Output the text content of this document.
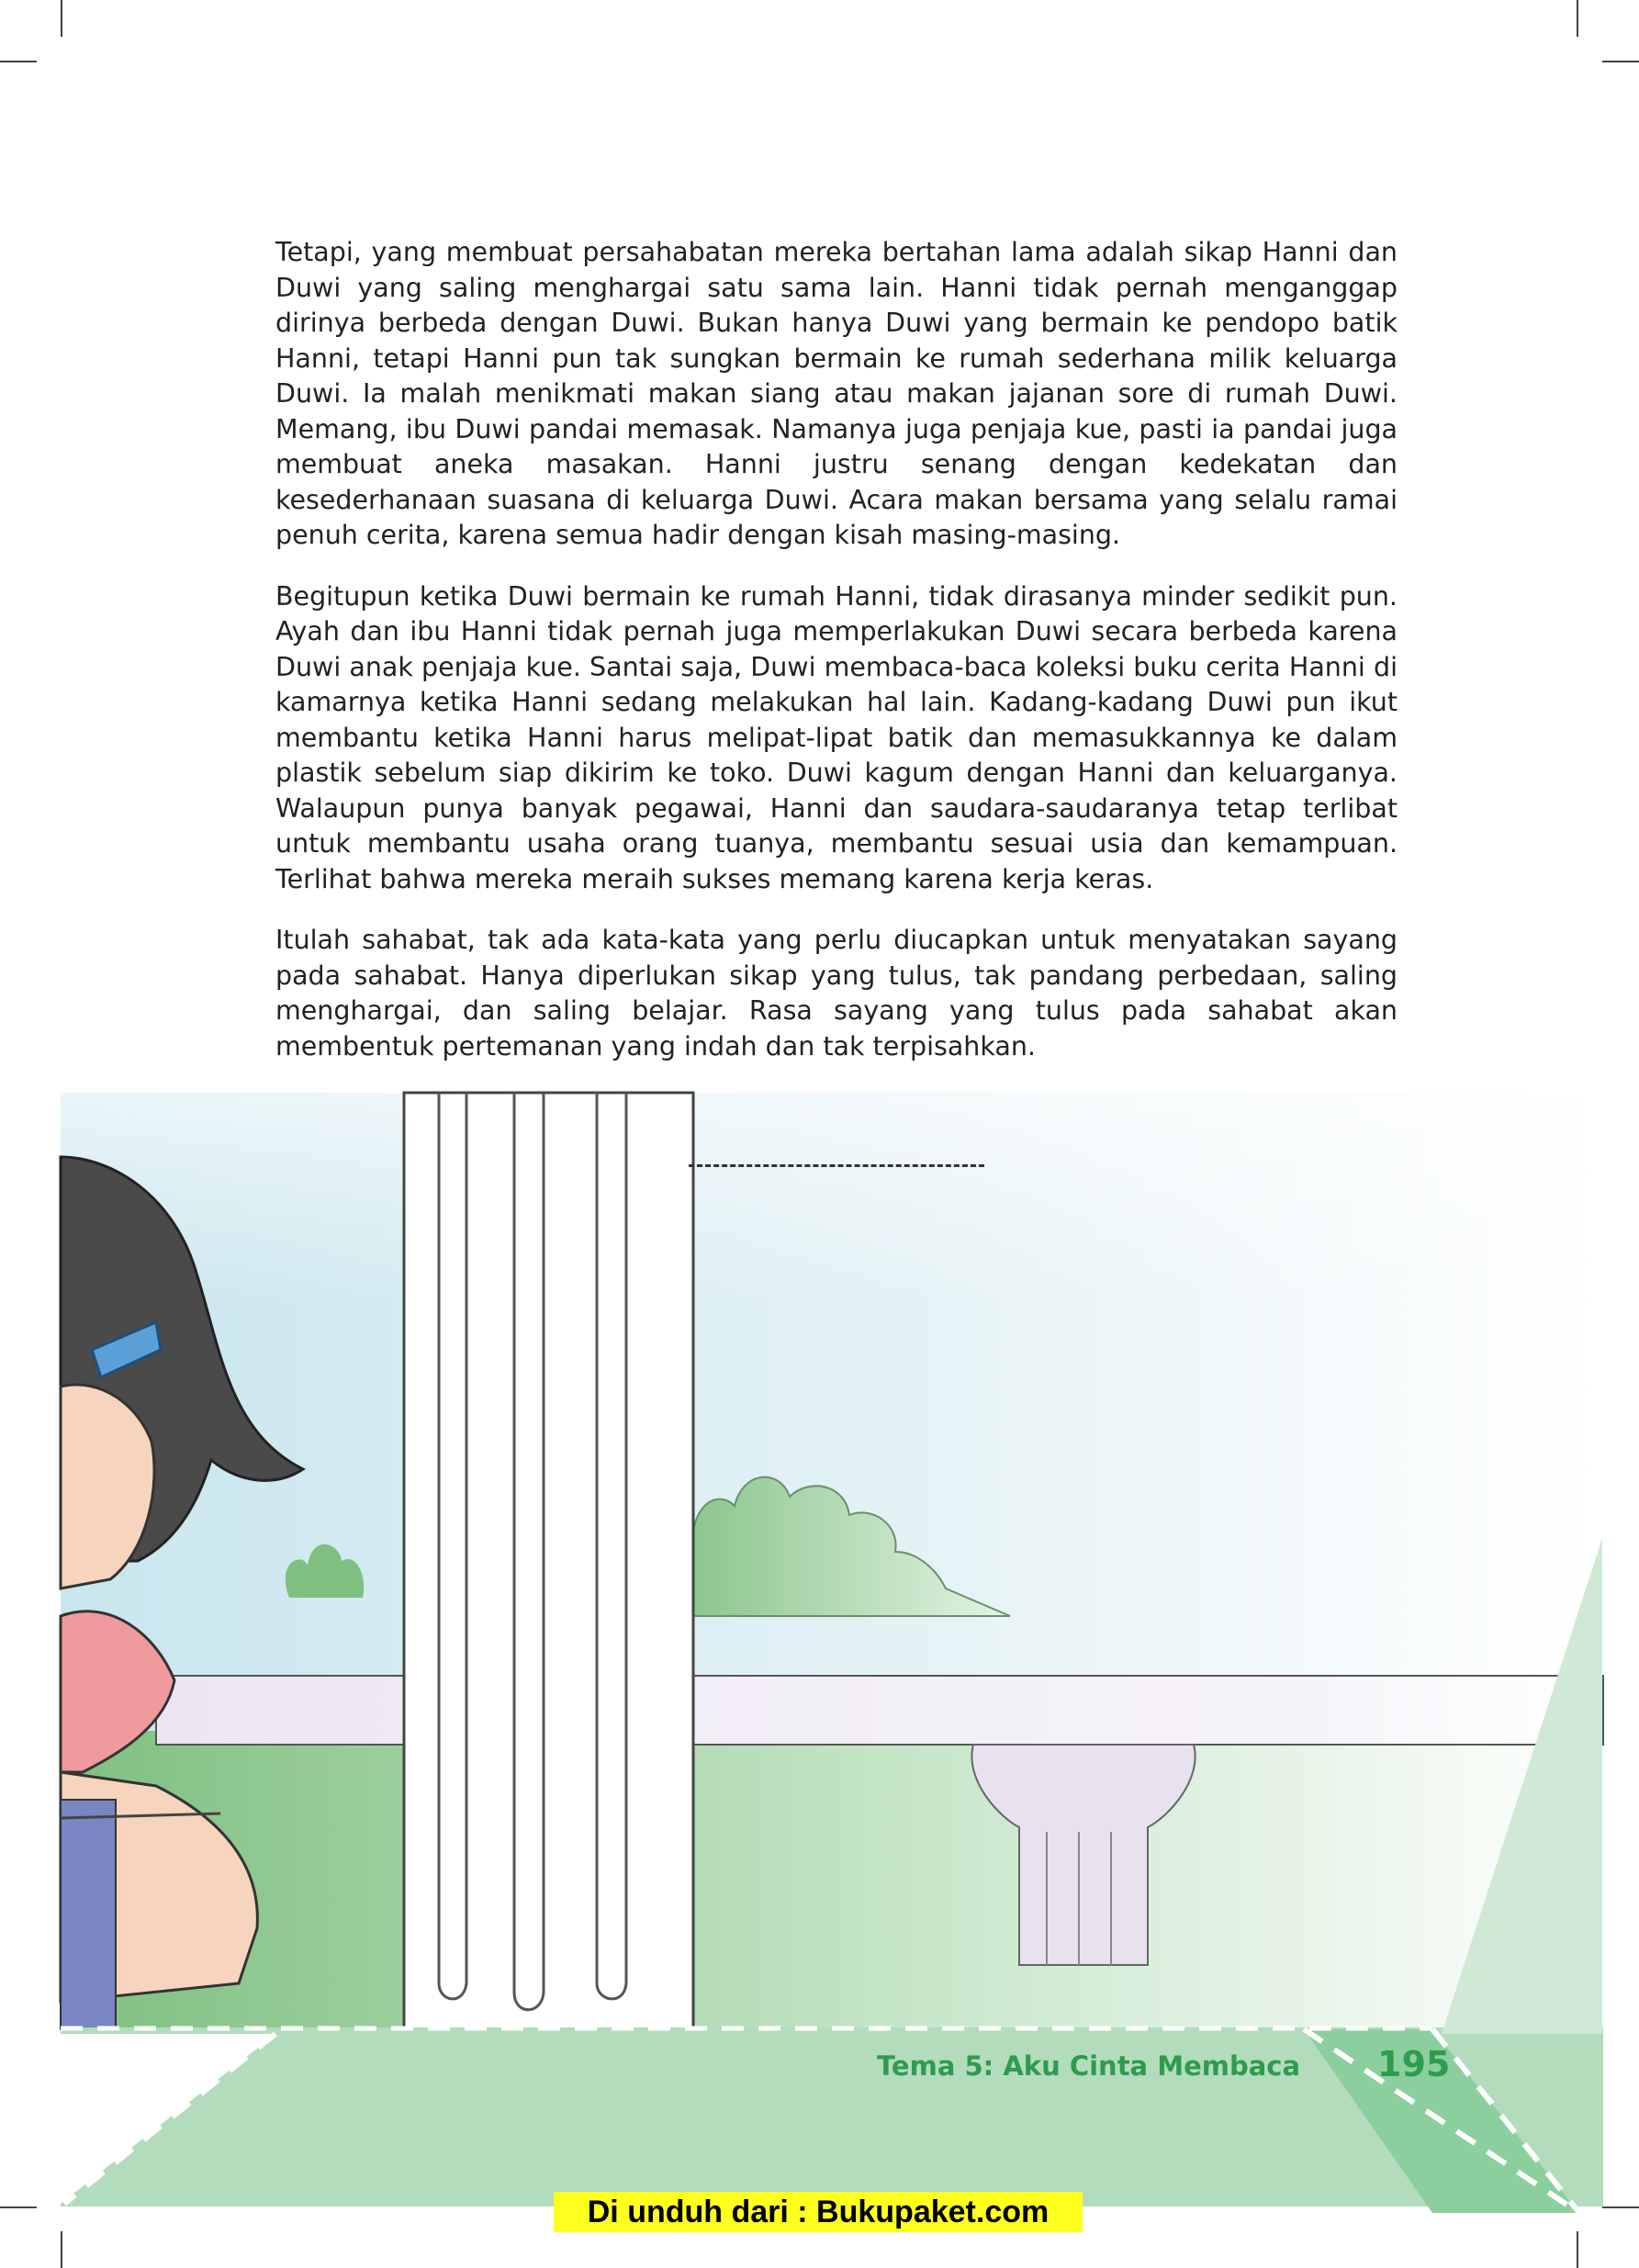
Tetapi, yang membuat persahabatan mereka bertahan lama adalah sikap Hanni dan Duwi yang saling menghargai satu sama lain. Hanni tidak pernah menganggap dirinya berbeda dengan Duwi. Bukan hanya Duwi yang bermain ke pendopo batik Hanni, tetapi Hanni pun tak sungkan bermain ke rumah sederhana milik keluarga Duwi. Ia malah menikmati makan siang atau makan jajanan sore di rumah Duwi. Memang, ibu Duwi pandai memasak. Namanya juga penjaja kue, pasti ia pandai juga membuat aneka masakan. Hanni justru senang dengan kedekatan dan kesederhanaan suasana di keluarga Duwi. Acara makan bersama yang selalu ramai penuh cerita, karena semua hadir dengan kisah masing-masing.

Begitupun ketika Duwi bermain ke rumah Hanni, tidak dirasanya minder sedikit pun. Ayah dan ibu Hanni tidak pernah juga memperlakukan Duwi secara berbeda karena Duwi anak penjaja kue. Santai saja, Duwi membaca-baca koleksi buku cerita Hanni di kamarnya ketika Hanni sedang melakukan hal lain. Kadang-kadang Duwi pun ikut membantu ketika Hanni harus melipat-lipat batik dan memasukkannya ke dalam plastik sebelum siap dikirim ke toko. Duwi kagum dengan Hanni dan keluarganya. Walaupun punya banyak pegawai, Hanni dan saudara-saudaranya tetap terlibat untuk membantu usaha orang tuanya, membantu sesuai usia dan kemampuan. Terlihat bahwa mereka meraih sukses memang karena kerja keras.

Itulah sahabat, tak ada kata-kata yang perlu diucapkan untuk menyatakan sayang pada sahabat. Hanya diperlukan sikap yang tulus, tak pandang perbedaan, saling menghargai, dan saling belajar. Rasa sayang yang tulus pada sahabat akan membentuk pertemanan yang indah dan tak terpisahkan.

Tema 5: Aku Cinta Membaca 195
Di unduh dari : Bukupaket.com
